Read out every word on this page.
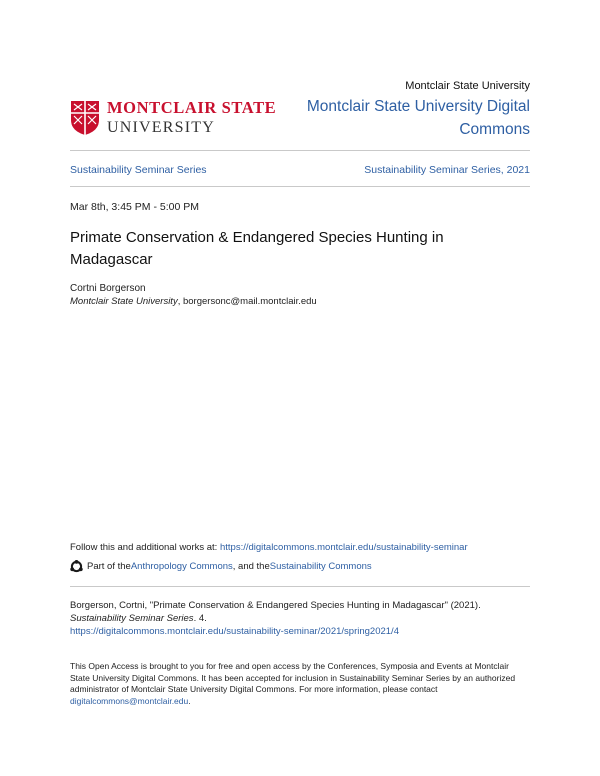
Montclair State University
MONTCLAIR STATE
UNIVERSITY
Montclair State University Digital Commons
Sustainability Seminar Series	Sustainability Seminar Series, 2021
Mar 8th, 3:45 PM - 5:00 PM
Primate Conservation & Endangered Species Hunting in Madagascar
Cortni Borgerson
Montclair State University, borgersonc@mail.montclair.edu
Follow this and additional works at: https://digitalcommons.montclair.edu/sustainability-seminar
Part of the Anthropology Commons , and the Sustainability Commons
Borgerson, Cortni, "Primate Conservation & Endangered Species Hunting in Madagascar" (2021).
Sustainability Seminar Series. 4.
https://digitalcommons.montclair.edu/sustainability-seminar/2021/spring2021/4
This Open Access is brought to you for free and open access by the Conferences, Symposia and Events at Montclair State University Digital Commons. It has been accepted for inclusion in Sustainability Seminar Series by an authorized administrator of Montclair State University Digital Commons. For more information, please contact digitalcommons@montclair.edu.
